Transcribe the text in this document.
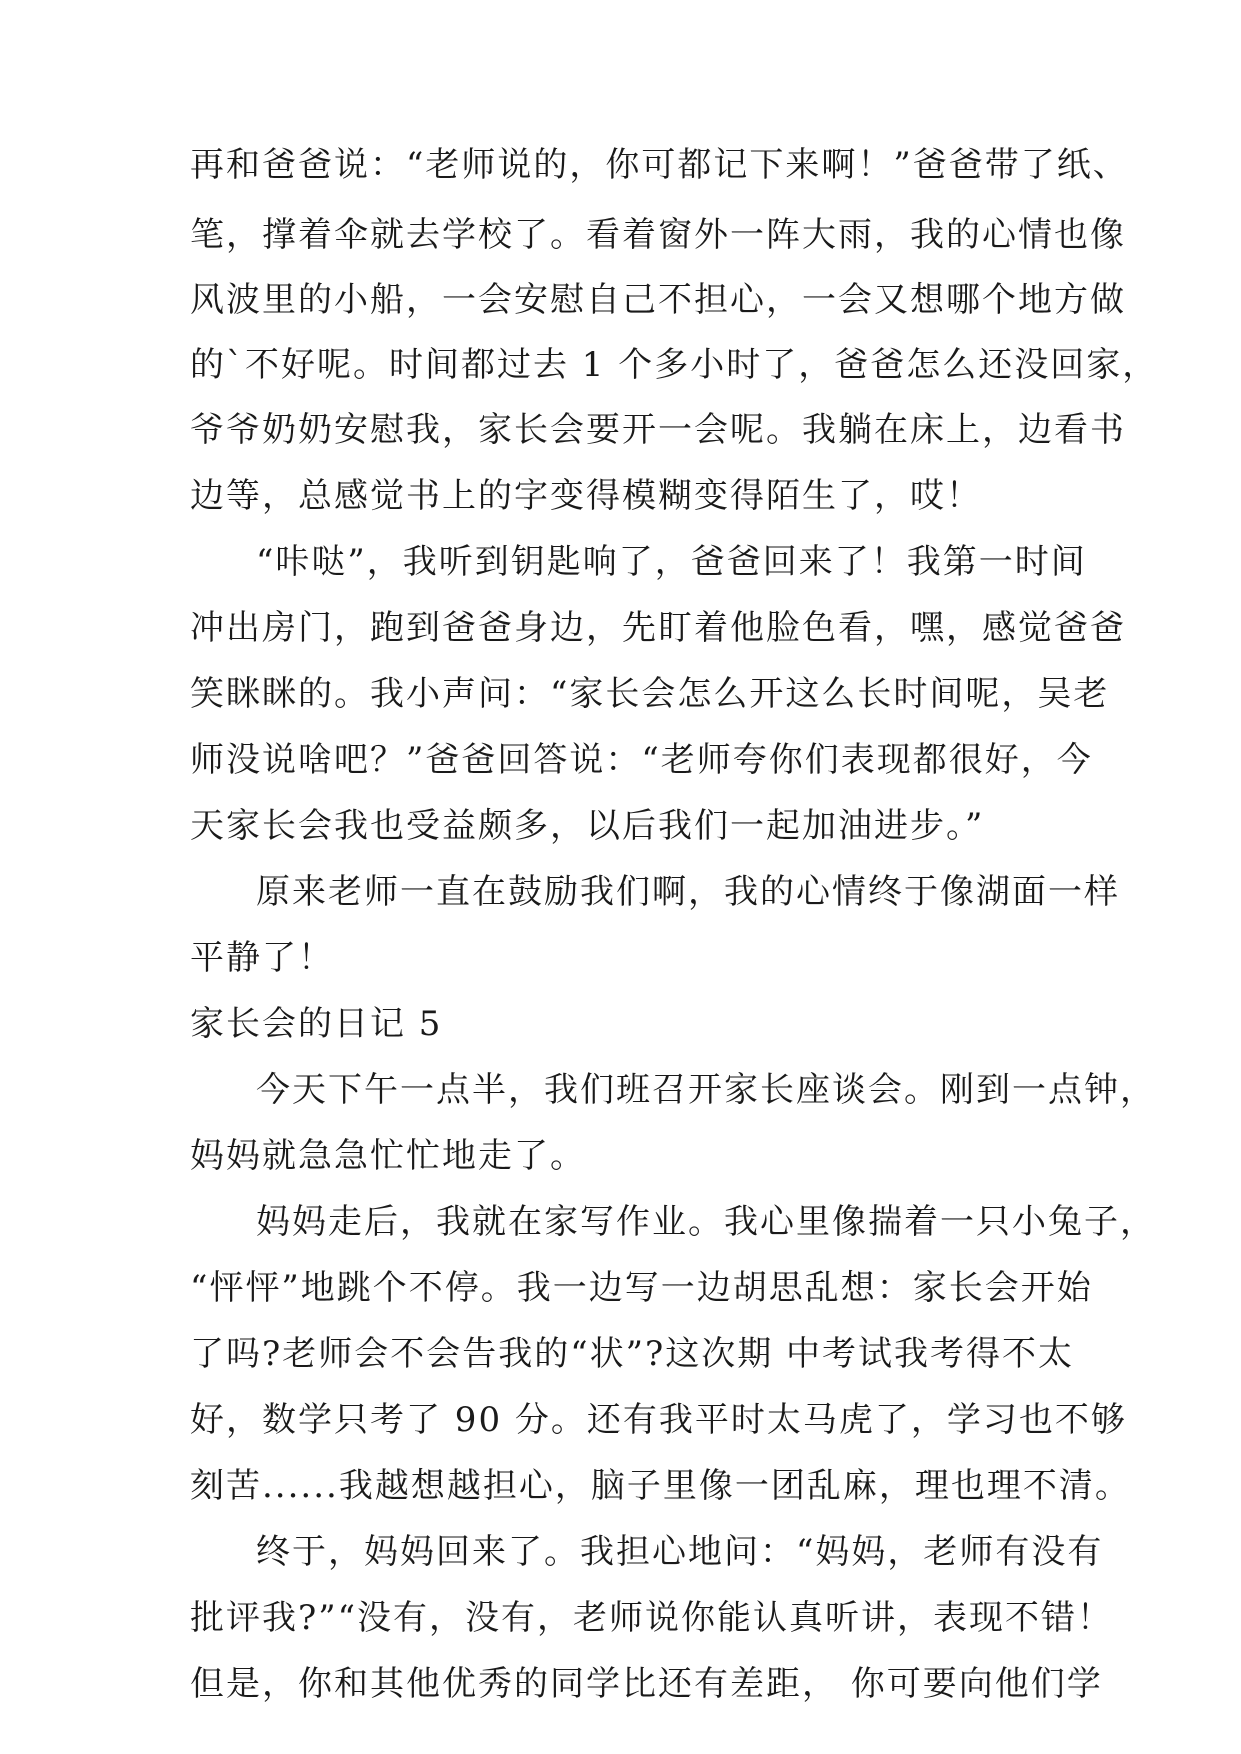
再和爸爸说：“老师说的，你可都记下来啊！”爸爸带了纸、
笔，撑着伞就去学校了。看着窗外一阵大雨，我的心情也像
风波里的小船，一会安慰自己不担心，一会又想哪个地方做
的`不好呢。时间都过去 1 个多小时了，爸爸怎么还没回家，
爷爷奶奶安慰我，家长会要开一会呢。我躺在床上，边看书
边等，总感觉书上的字变得模糊变得陌生了，哎！
“咔哒”，我听到钥匙响了，爸爸回来了！我第一时间
冲出房门，跑到爸爸身边，先盯着他脸色看，嘿，感觉爸爸
笑眯眯的。我小声问：“家长会怎么开这么长时间呢，吴老
师没说啥吧？”爸爸回答说：“老师夸你们表现都很好，今
天家长会我也受益颇多，以后我们一起加油进步。”
原来老师一直在鼓励我们啊，我的心情终于像湖面一样
平静了！
家长会的日记 5
今天下午一点半，我们班召开家长座谈会。刚到一点钟，
妈妈就急急忙忙地走了。
妈妈走后，我就在家写作业。我心里像揣着一只小兔子，
“怦怦”地跳个不停。我一边写一边胡思乱想：家长会开始
了吗?老师会不会告我的“状”?这次期 中考试我考得不太
好，数学只考了 90 分。还有我平时太马虎了，学习也不够
刻苦......我越想越担心，脑子里像一团乱麻，理也理不清。
终于，妈妈回来了。我担心地问：“妈妈，老师有没有
批评我?”“没有，没有，老师说你能认真听讲，表现不错！
但是，你和其他优秀的同学比还有差距， 你可要向他们学
